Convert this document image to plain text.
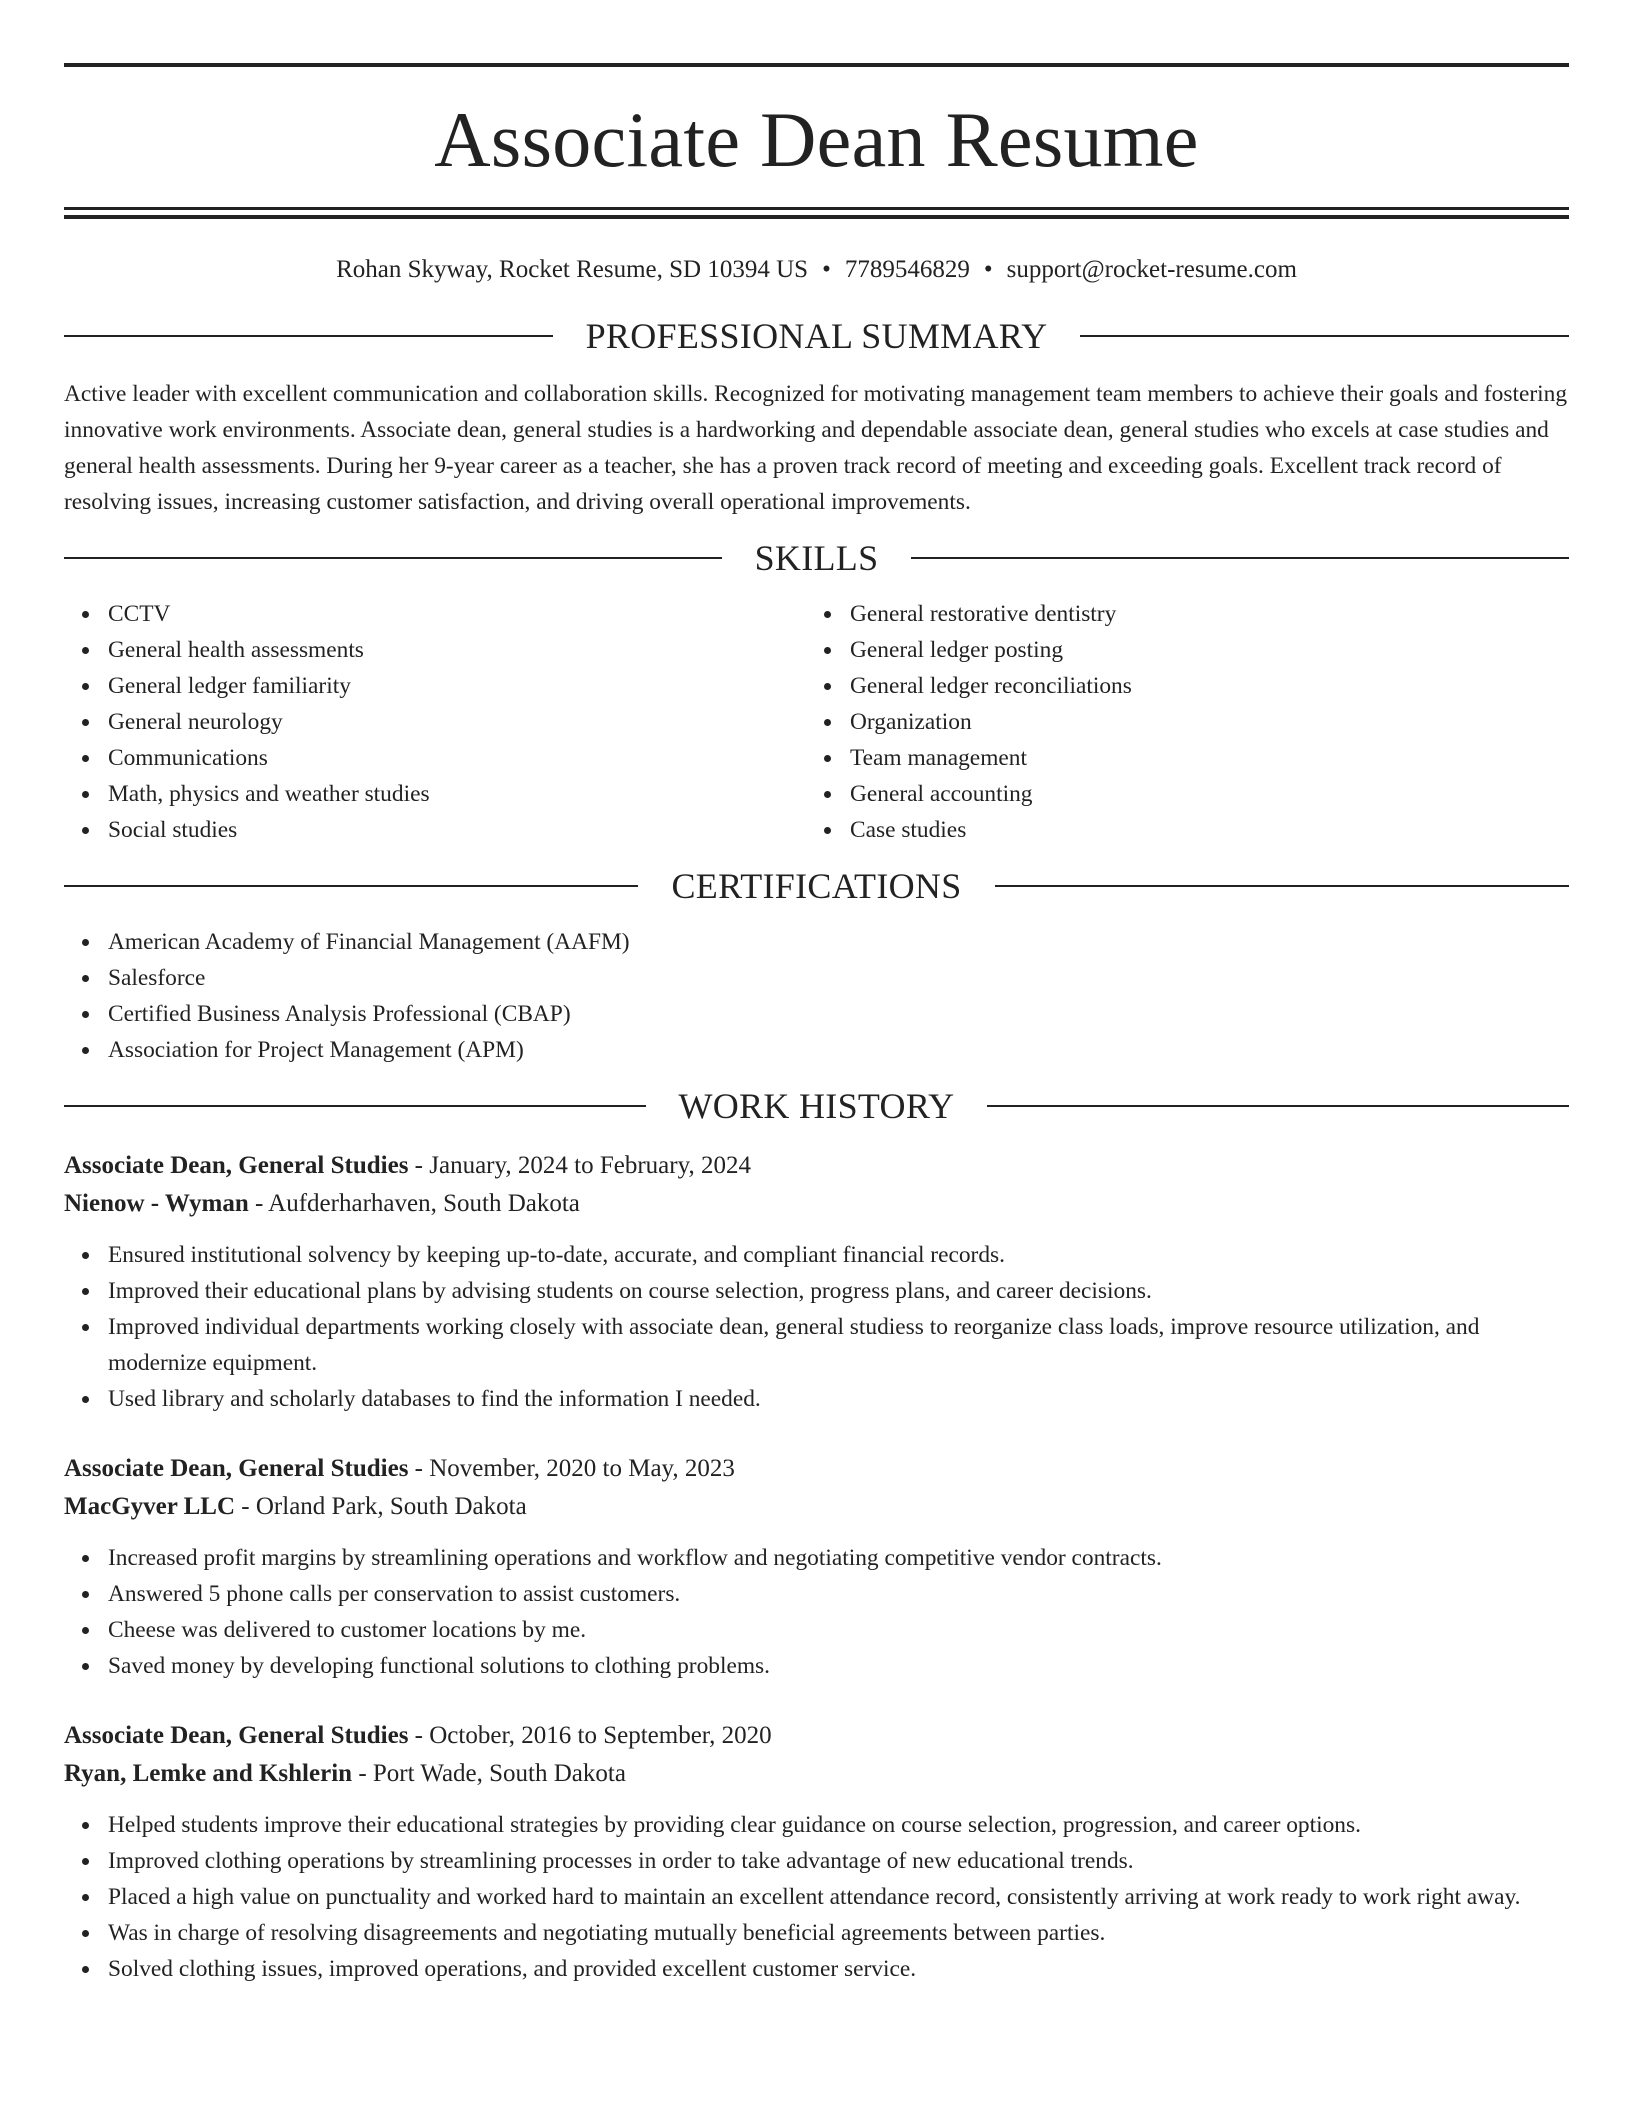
Associate Dean Resume
Rohan Skyway, Rocket Resume, SD 10394 US • 7789546829 • support@rocket-resume.com
PROFESSIONAL SUMMARY

Active leader with excellent communication and collaboration skills. Recognized for motivating management team members to achieve their goals and fostering innovative work environments. Associate dean, general studies is a hardworking and dependable associate dean, general studies who excels at case studies and general health assessments. During her 9-year career as a teacher, she has a proven track record of meeting and exceeding goals. Excellent track record of resolving issues, increasing customer satisfaction, and driving overall operational improvements.

SKILLS
CCTV
General health assessments
General ledger familiarity
General neurology
Communications
Math, physics and weather studies
Social studies
General restorative dentistry
General ledger posting
General ledger reconciliations
Organization
Team management
General accounting
Case studies
CERTIFICATIONS
American Academy of Financial Management (AAFM)
Salesforce
Certified Business Analysis Professional (CBAP)
Association for Project Management (APM)
WORK HISTORY
Associate Dean, General Studies - January, 2024 to February, 2024
Nienow - Wyman - Aufderharhaven, South Dakota
Ensured institutional solvency by keeping up-to-date, accurate, and compliant financial records.
Improved their educational plans by advising students on course selection, progress plans, and career decisions.
Improved individual departments working closely with associate dean, general studiess to reorganize class loads, improve resource utilization, and modernize equipment.
Used library and scholarly databases to find the information I needed.
Associate Dean, General Studies - November, 2020 to May, 2023
MacGyver LLC - Orland Park, South Dakota
Increased profit margins by streamlining operations and workflow and negotiating competitive vendor contracts.
Answered 5 phone calls per conservation to assist customers.
Cheese was delivered to customer locations by me.
Saved money by developing functional solutions to clothing problems.
Associate Dean, General Studies - October, 2016 to September, 2020
Ryan, Lemke and Kshlerin - Port Wade, South Dakota
Helped students improve their educational strategies by providing clear guidance on course selection, progression, and career options.
Improved clothing operations by streamlining processes in order to take advantage of new educational trends.
Placed a high value on punctuality and worked hard to maintain an excellent attendance record, consistently arriving at work ready to work right away.
Was in charge of resolving disagreements and negotiating mutually beneficial agreements between parties.
Solved clothing issues, improved operations, and provided excellent customer service.
